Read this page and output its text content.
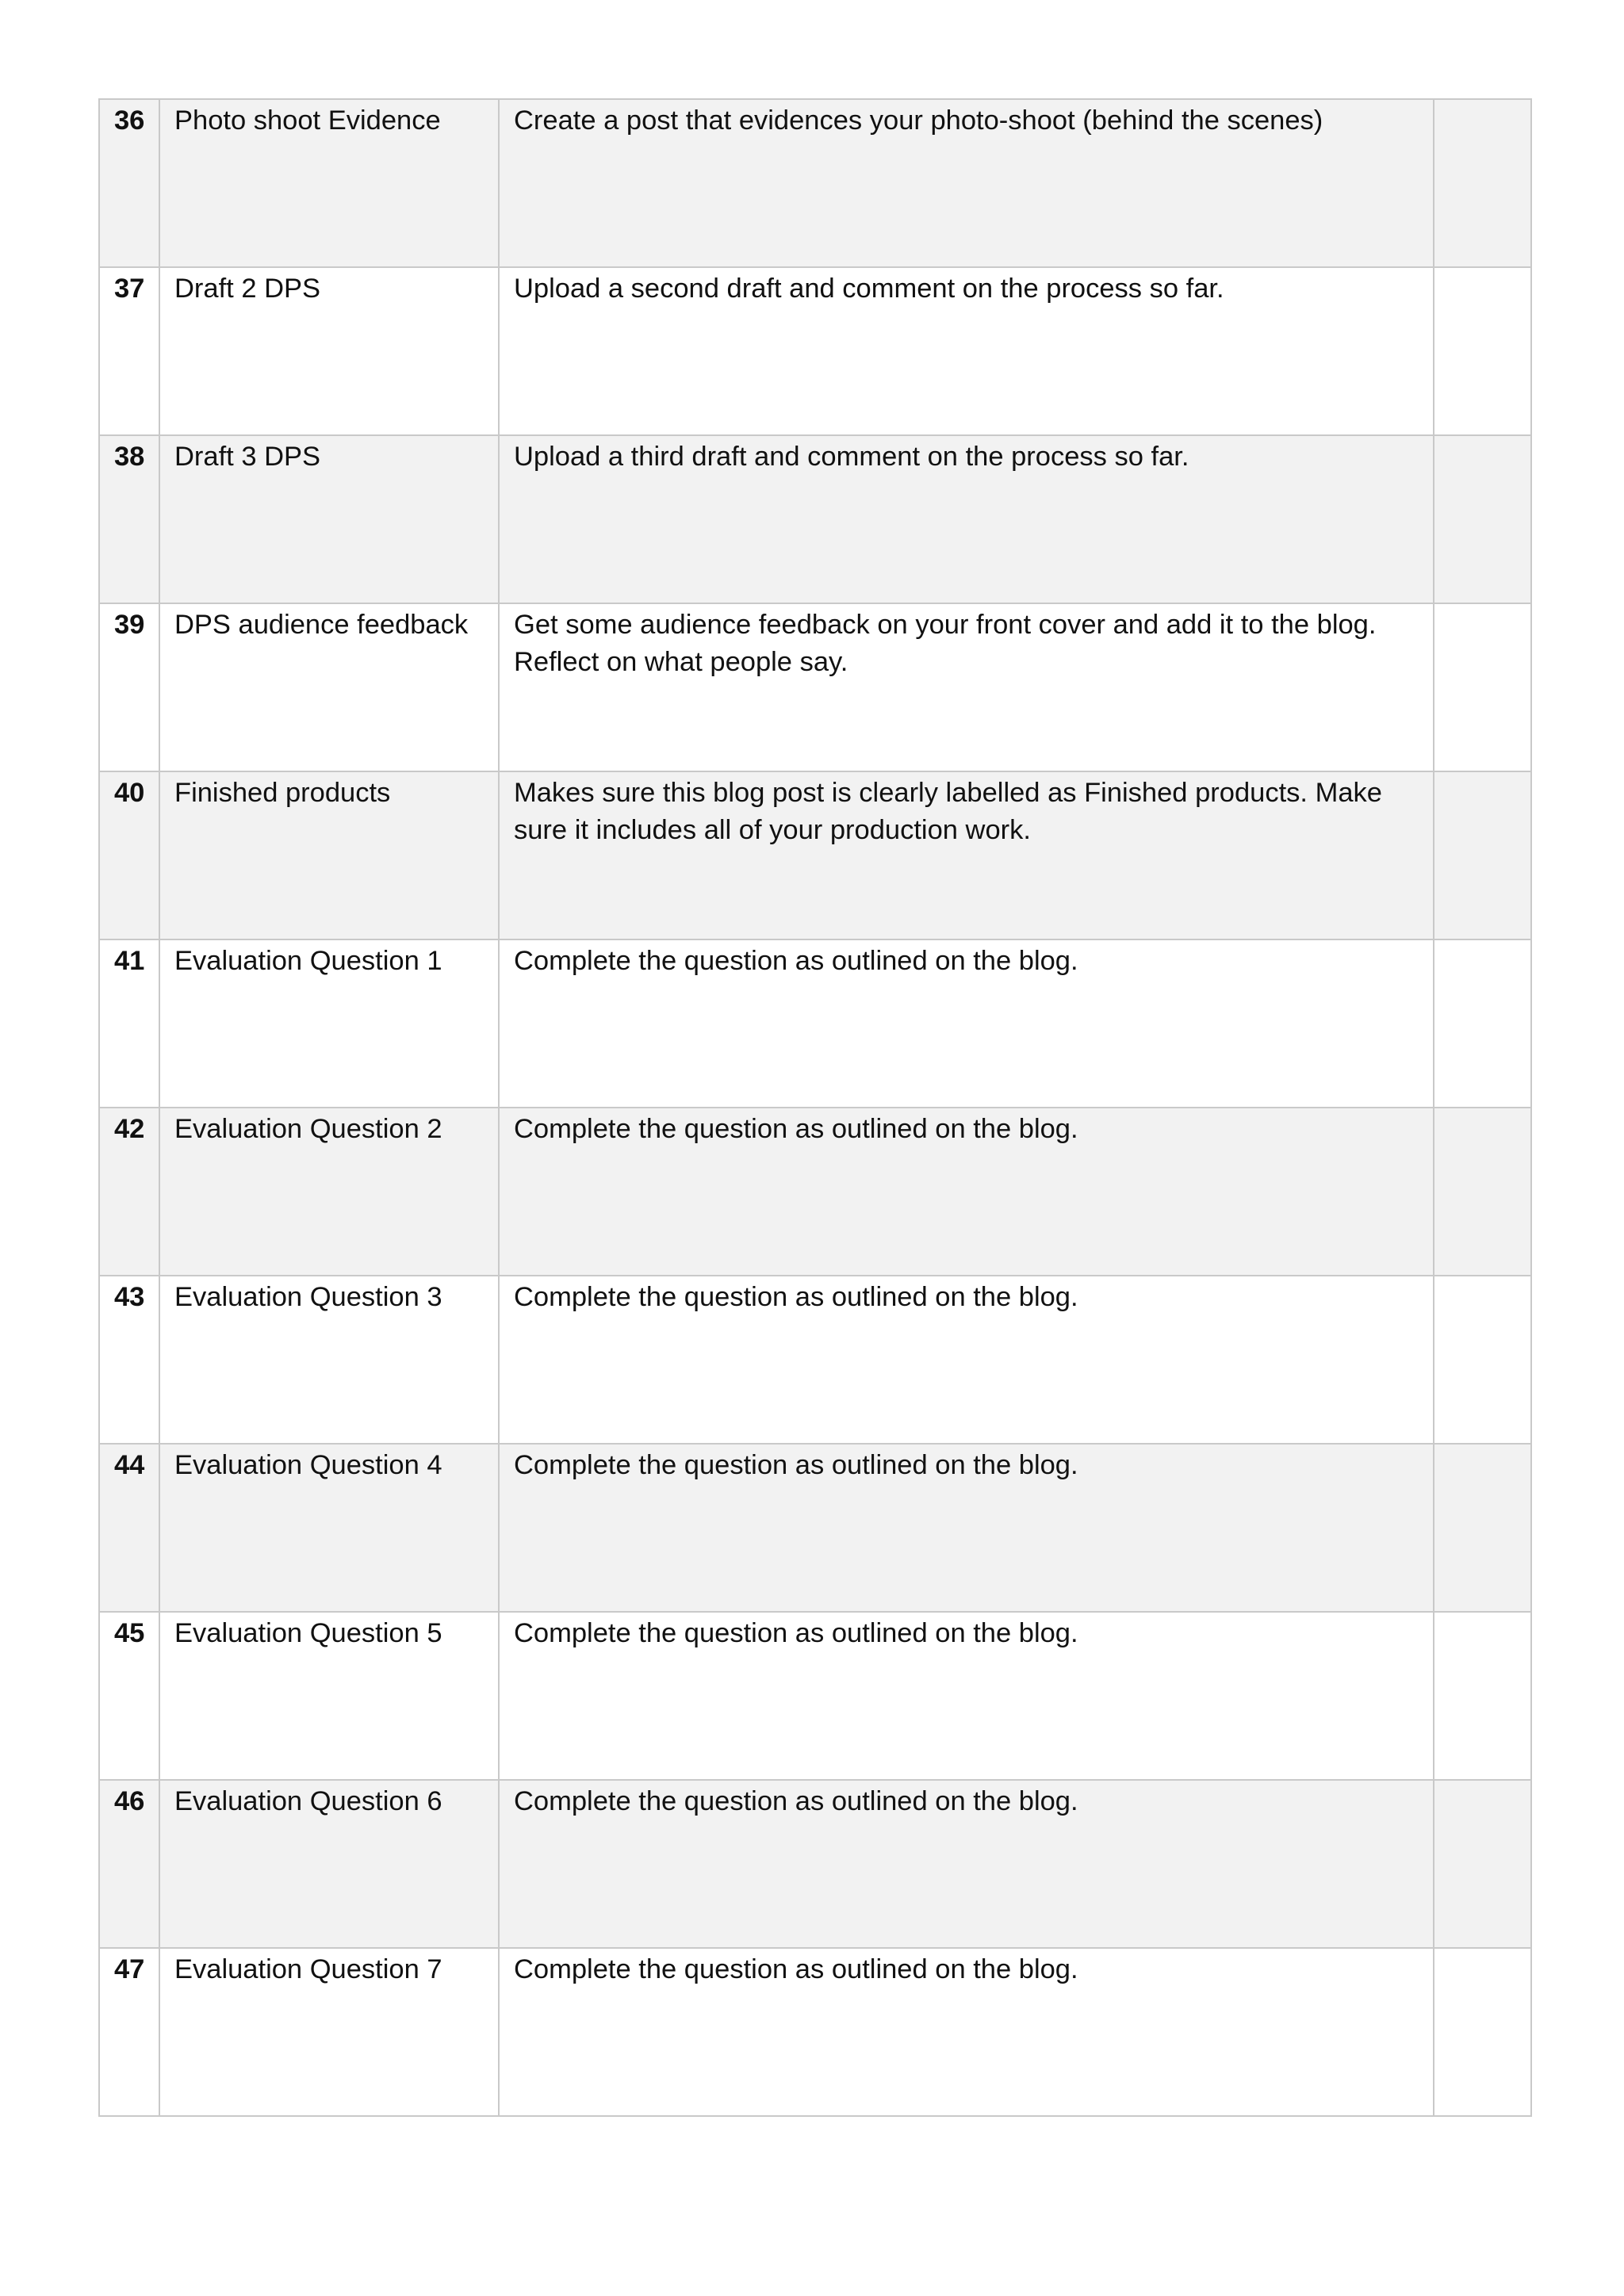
36	Photo shoot Evidence	Create a post that evidences your photo-shoot (behind the scenes)	

37	Draft 2 DPS	Upload a second draft and comment on the process so far.	

38	Draft 3 DPS	Upload a third draft and comment on the process so far.	

39	DPS audience feedback	Get some audience feedback on your front cover and add it to the blog. Reflect on what people say.	

40	Finished products	Makes sure this blog post is clearly labelled as Finished products. Make sure it includes all of your production work.	

41	Evaluation Question 1	Complete the question as outlined on the blog.	

42	Evaluation Question 2	Complete the question as outlined on the blog.	

43	Evaluation Question 3	Complete the question as outlined on the blog.	

44	Evaluation Question 4	Complete the question as outlined on the blog.	

45	Evaluation Question 5	Complete the question as outlined on the blog.	

46	Evaluation Question 6	Complete the question as outlined on the blog.	

47	Evaluation Question 7	Complete the question as outlined on the blog.	
